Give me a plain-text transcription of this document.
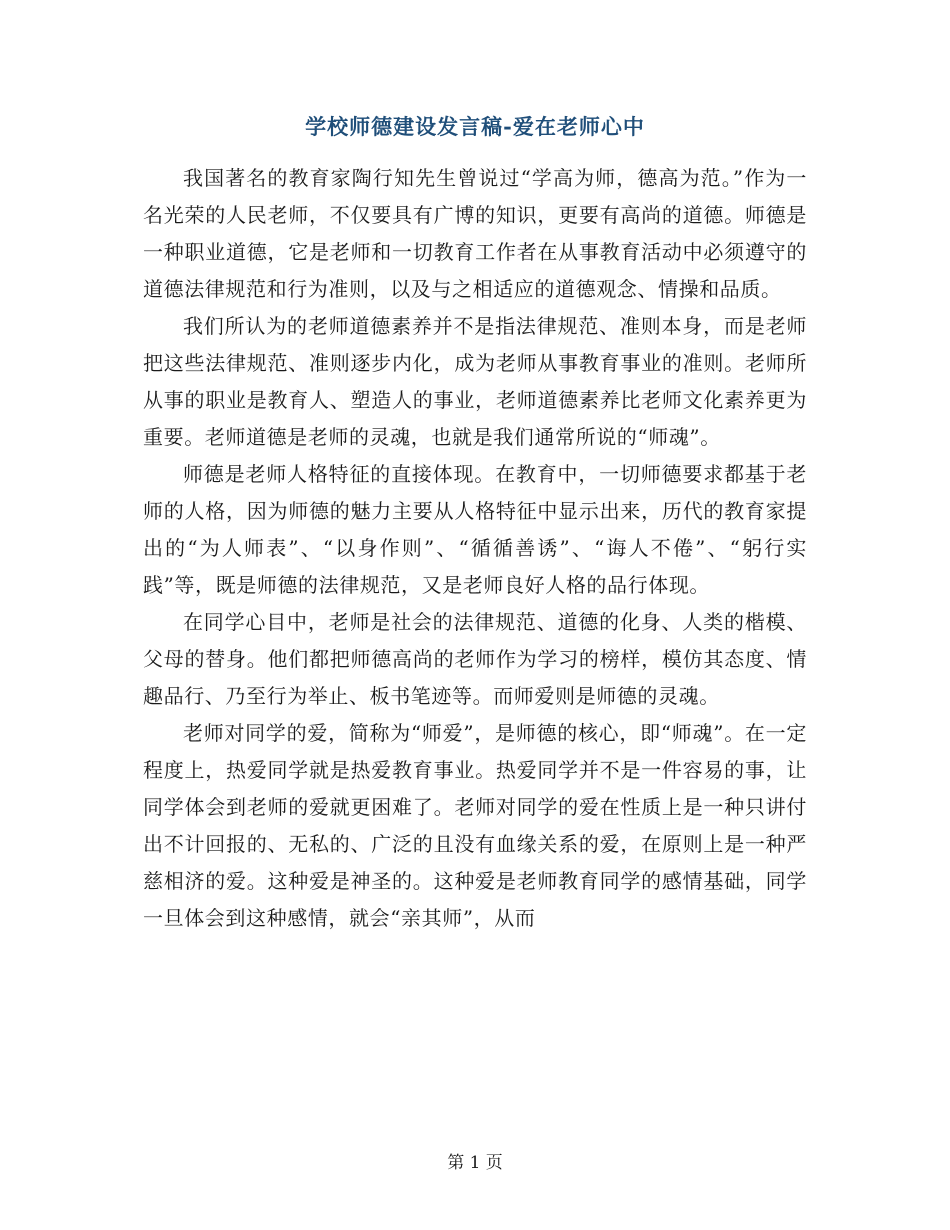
学校师德建设发言稿-爱在老师心中

我国著名的教育家陶行知先生曾说过“学高为师，德高为范。”作为一名光荣的人民老师，不仅要具有广博的知识，更要有高尚的道德。师德是一种职业道德，它是老师和一切教育工作者在从事教育活动中必须遵守的道德法律规范和行为准则，以及与之相适应的道德观念、情操和品质。

我们所认为的老师道德素养并不是指法律规范、准则本身，而是老师把这些法律规范、准则逐步内化，成为老师从事教育事业的准则。老师所从事的职业是教育人、塑造人的事业，老师道德素养比老师文化素养更为重要。老师道德是老师的灵魂，也就是我们通常所说的“师魂”。

师德是老师人格特征的直接体现。在教育中，一切师德要求都基于老师的人格，因为师德的魅力主要从人格特征中显示出来，历代的教育家提出的“为人师表”、“以身作则”、“循循善诱”、“诲人不倦”、“躬行实践”等，既是师德的法律规范，又是老师良好人格的品行体现。

在同学心目中，老师是社会的法律规范、道德的化身、人类的楷模、父母的替身。他们都把师德高尚的老师作为学习的榜样，模仿其态度、情趣品行、乃至行为举止、板书笔迹等。而师爱则是师德的灵魂。

老师对同学的爱，简称为“师爱”，是师德的核心，即“师魂”。在一定程度上，热爱同学就是热爱教育事业。热爱同学并不是一件容易的事，让同学体会到老师的爱就更困难了。老师对同学的爱在性质上是一种只讲付出不计回报的、无私的、广泛的且没有血缘关系的爱，在原则上是一种严慈相济的爱。这种爱是神圣的。这种爱是老师教育同学的感情基础，同学一旦体会到这种感情，就会“亲其师”，从而

第 1 页
